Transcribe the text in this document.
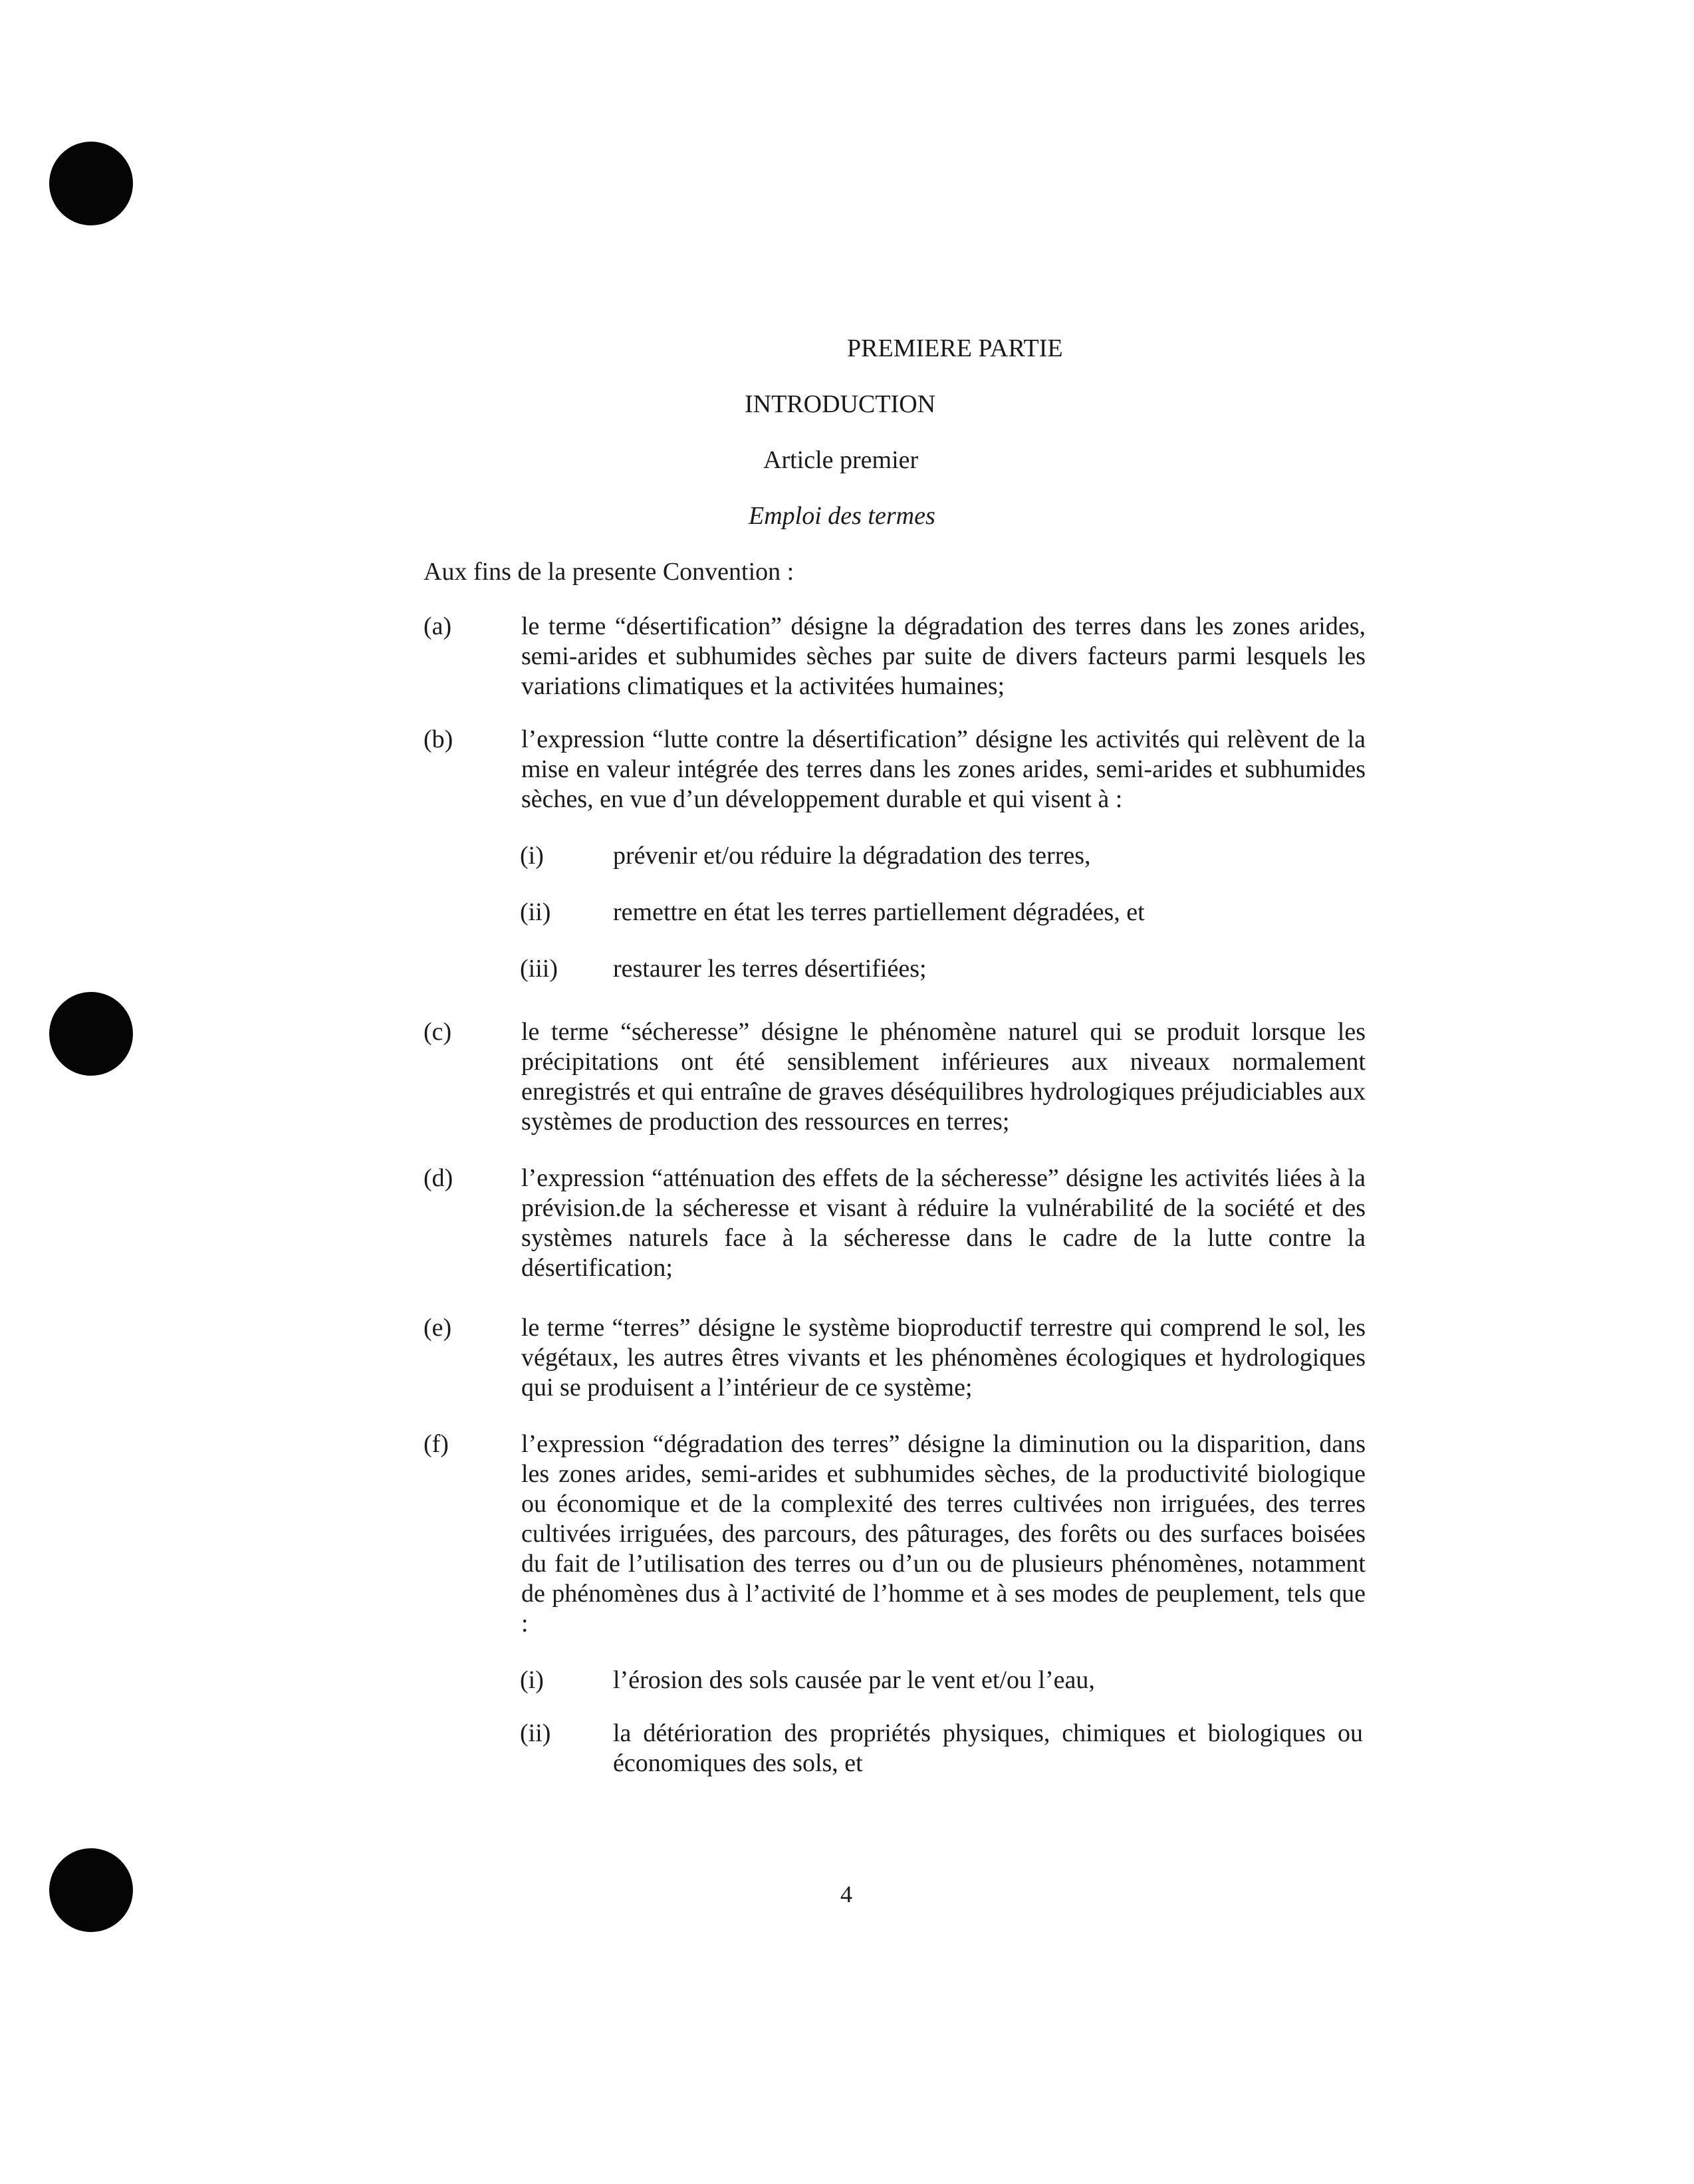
PREMIERE PARTIE
INTRODUCTION
Article premier
Emploi des termes

Aux fins de la presente Convention :

(a)	le terme “désertification” désigne la dégradation des terres dans les zones arides, semi-arides et subhumides sèches par suite de divers facteurs parmi lesquels les variations climatiques et la activitées humaines;

(b)	l’expression “lutte contre la désertification” désigne les activités qui relèvent de la mise en valeur intégrée des terres dans les zones arides, semi-arides et subhumides sèches, en vue d’un développement durable et qui visent à :

(i)	prévenir et/ou réduire la dégradation des terres,

(ii) remettre en état les terres partiellement dégradées, et

(iii) restaurer les terres désertifiées;

(c)	le terme “sécheresse” désigne le phénomène naturel qui se produit lorsque les précipitations ont été sensiblement inférieures aux niveaux normalement enregistrés et qui entraîne de graves déséquilibres hydrologiques préjudiciables aux systèmes de production des ressources en terres;

(d)	l’expression “atténuation des effets de la sécheresse” désigne les activités liées à la prévision.de la sécheresse et visant à réduire la vulnérabilité de la société et des systèmes naturels face à la sécheresse dans le cadre de la lutte contre la désertification;

(e)	le terme “terres” désigne le système bioproductif terrestre qui comprend le sol, les végétaux, les autres êtres vivants et les phénomènes écologiques et hydrologiques qui se produisent a l’intérieur de ce système;

(f)	l’expression “dégradation des terres” désigne la diminution ou la disparition, dans les zones arides, semi-arides et subhumides sèches, de la productivité biologique ou économique et de la complexité des terres cultivées non irriguées, des terres cultivées irriguées, des parcours, des pâturages, des forêts ou des surfaces boisées du fait de l’utilisation des terres ou d’un ou de plusieurs phénomènes, notamment de phénomènes dus à l’activité de l’homme et à ses modes de peuplement, tels que :

(i)	l’érosion des sols causée par le vent et/ou l’eau,

(ii) la détérioration des propriétés physiques, chimiques et biologiques ou économiques des sols, et

4
